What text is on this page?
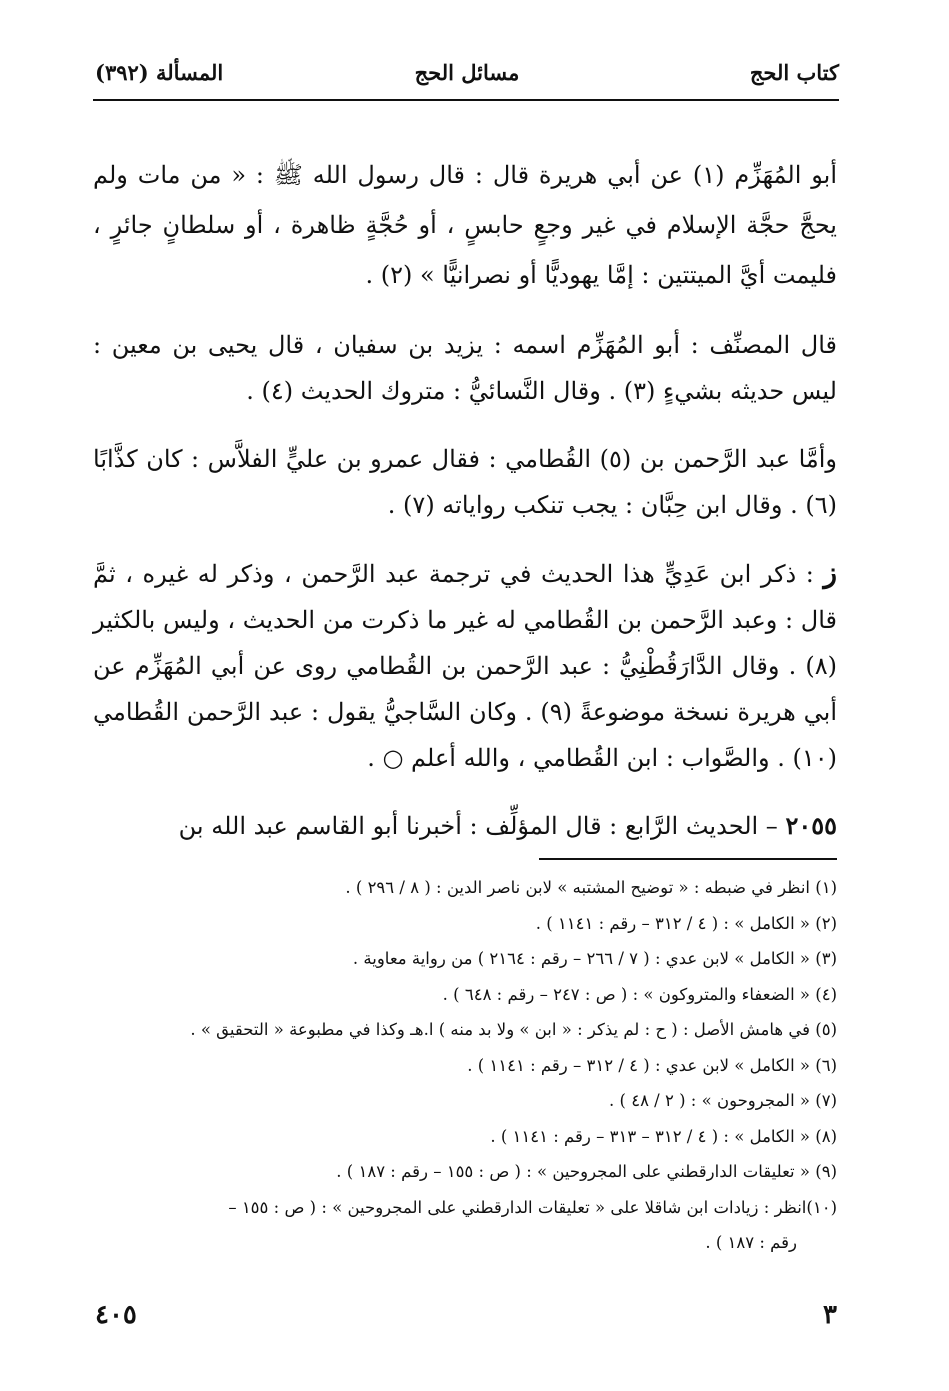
كتاب الحج
مسائل الحج
المسألة (٣٩٢)

أبو المُهَزِّم (١) عن أبي هريرة قال : قال رسول الله ﷺ : « من مات ولم يحجَّ حجَّة الإسلام في غير وجعٍ حابسٍ ، أو حُجَّةٍ ظاهرة ، أو سلطانٍ جائرٍ ، فليمت أيَّ الميتتين : إمَّا يهوديًّا أو نصرانيًّا » (٢) .

قال المصنِّف : أبو المُهَزِّم اسمه : يزيد بن سفيان ، قال يحيى بن معين : ليس حديثه بشيءٍ (٣) . وقال النَّسائيُّ : متروك الحديث (٤) .

وأمَّا عبد الرَّحمن بن (٥) القُطامي : فقال عمرو بن عليٍّ الفلاَّس : كان كذَّابًا (٦) . وقال ابن حِبَّان : يجب تنكب رواياته (٧) .

ز : ذكر ابن عَدِيٍّ هذا الحديث في ترجمة عبد الرَّحمن ، وذكر له غيره ، ثمَّ قال : وعبد الرَّحمن بن القُطامي له غير ما ذكرت من الحديث ، وليس بالكثير (٨) . وقال الدَّارَقُطْنِيُّ : عبد الرَّحمن بن القُطامي روى عن أبي المُهَزِّم عن أبي هريرة نسخة موضوعةً (٩) . وكان السَّاجيُّ يقول : عبد الرَّحمن القُطامي (١٠) . والصَّواب : ابن القُطامي ، والله أعلم ○ .

٢٠٥٥ – الحديث الرَّابع : قال المؤلِّف : أخبرنا أبو القاسم عبد الله بن

(١) انظر في ضبطه : « توضيح المشتبه » لابن ناصر الدين : ( ٨ / ٢٩٦ ) .
(٢) « الكامل » : ( ٤ / ٣١٢ – رقم : ١١٤١ ) .
(٣) « الكامل » لابن عدي : ( ٧ / ٢٦٦ – رقم : ٢١٦٤ ) من رواية معاوية .
(٤) « الضعفاء والمتروكون » : ( ص : ٢٤٧ – رقم : ٦٤٨ ) .
(٥) في هامش الأصل : ( ح : لم يذكر : « ابن » ولا بد منه ) ا.هـ وكذا في مطبوعة « التحقيق » .
(٦) « الكامل » لابن عدي : ( ٤ / ٣١٢ – رقم : ١١٤١ ) .
(٧) « المجروحون » : ( ٢ / ٤٨ ) .
(٨) « الكامل » : ( ٤ / ٣١٢ – ٣١٣ – رقم : ١١٤١ ) .
(٩) « تعليقات الدارقطني على المجروحين » : ( ص : ١٥٥ – رقم : ١٨٧ ) .
(١٠)انظر : زيادات ابن شاقلا على « تعليقات الدارقطني على المجروحين » : ( ص : ١٥٥ –
رقم : ١٨٧ ) .
٣
٤٠٥
